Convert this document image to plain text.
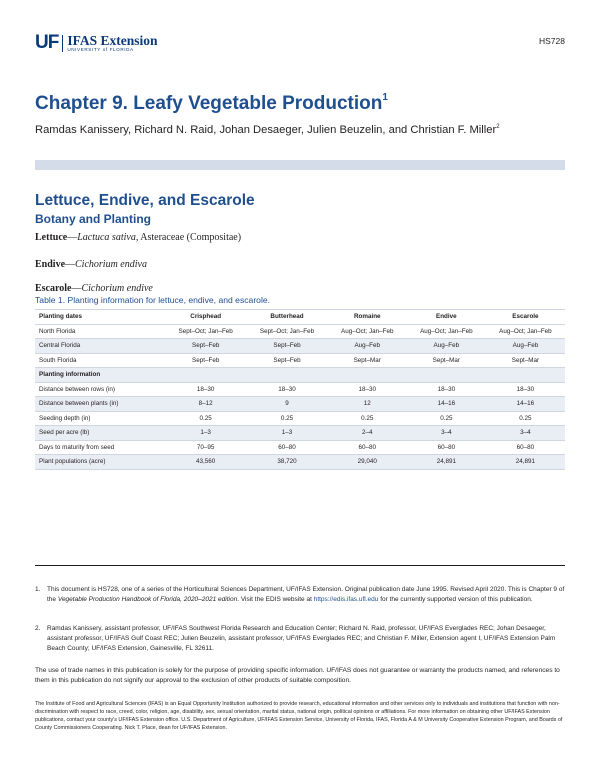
UF IFAS Extension
UNIVERSITY of FLORIDA
HS728
Chapter 9. Leafy Vegetable Production$^1$
Ramdas Kanissery, Richard N. Raid, Johan Desaeger, Julien Beuzelin, and Christian F. Miller$^2$
Lettuce, Endive, and Escarole
Botany and Planting
Lettuce—Lactuca sativa, Asteraceae (Compositae)
Endive—Cichorium endiva
Escarole—Cichorium endive
Table 1. Planting information for lettuce, endive, and escarole.
Planting dates	Crisphead	Butterhead	Romaine	Endive	Escarole
North Florida	Sept–Oct; Jan–Feb	Sept–Oct; Jan–Feb	Aug–Oct; Jan–Feb	Aug–Oct; Jan–Feb	Aug–Oct; Jan–Feb
Central Florida	Sept–Feb	Sept–Feb	Aug–Feb	Aug–Feb	Aug–Feb
South Florida	Sept–Feb	Sept–Feb	Sept–Mar	Sept–Mar	Sept–Mar
Planting information					
Distance between rows (in)	18–30	18–30	18–30	18–30	18–30
Distance between plants (in)	8–12	9	12	14–16	14–16
Seeding depth (in)	0.25	0.25	0.25	0.25	0.25
Seed per acre (lb)	1–3	1–3	2–4	3–4	3–4
Days to maturity from seed	70–95	60–80	60–80	60–80	60–80
Plant populations (acre)	43,560	38,720	29,040	24,891	24,891
1. This document is HS728, one of a series of the Horticultural Sciences Department, UF/IFAS Extension. Original publication date June 1995. Revised April 2020. This is Chapter 9 of the Vegetable Production Handbook of Florida, 2020–2021 edition. Visit the EDIS website at https://edis.ifas.ufl.edu for the currently supported version of this publication.
2. Ramdas Kanissery, assistant professor, UF/IFAS Southwest Florida Research and Education Center; Richard N. Raid, professor, UF/IFAS Everglades REC; Johan Desaeger, assistant professor, UF/IFAS Gulf Coast REC; Julien Beuzelin, assistant professor, UF/IFAS Everglades REC; and Christian F. Miller, Extension agent I, UF/IFAS Extension Palm Beach County; UF/IFAS Extension, Gainesville, FL 32611.
The use of trade names in this publication is solely for the purpose of providing specific information. UF/IFAS does not guarantee or warranty the products named, and references to them in this publication do not signify our approval to the exclusion of other products of suitable composition.
The Institute of Food and Agricultural Sciences (IFAS) is an Equal Opportunity Institution authorized to provide research, educational information and other services only to individuals and institutions that function with non-discrimination with respect to race, creed, color, religion, age, disability, sex, sexual orientation, marital status, national origin, political opinions or affiliations. For more information on obtaining other UF/IFAS Extension publications, contact your county's UF/IFAS Extension office. U.S. Department of Agriculture, UF/IFAS Extension Service, University of Florida, IFAS, Florida A & M University Cooperative Extension Program, and Boards of County Commissioners Cooperating. Nick T. Place, dean for UF/IFAS Extension.
